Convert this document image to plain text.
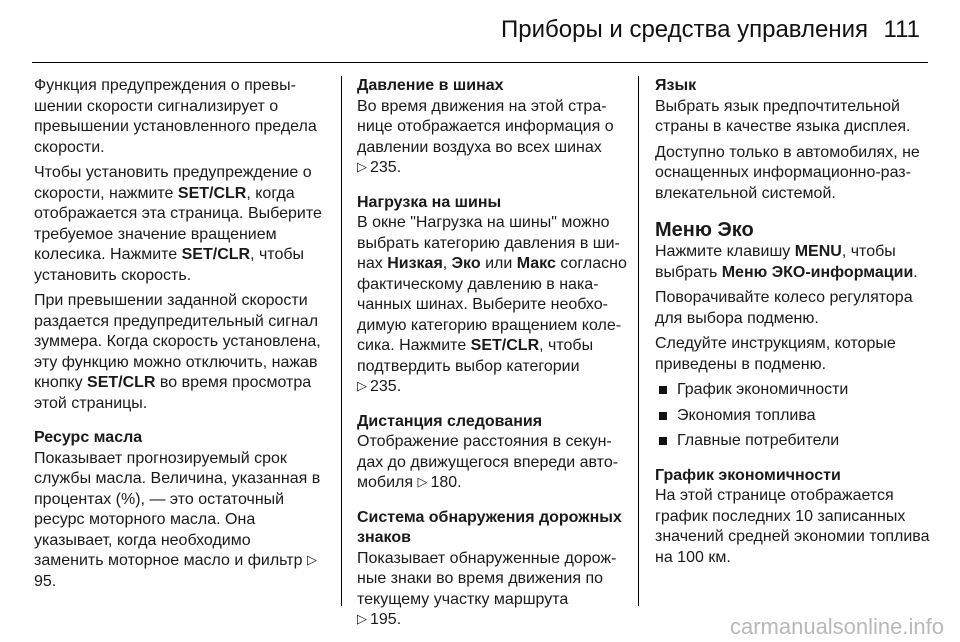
Приборы и средства управления 111

Функция предупреждения о превышении скорости сигнализирует о превышении установленного предела скорости.

Чтобы установить предупреждение о скорости, нажмите SET/CLR, когда отображается эта страница. Выберите требуемое значение вращением колесика. Нажмите SET/CLR, чтобы установить скорость.

При превышении заданной скорости раздается предупредительный сигнал зуммера. Когда скорость установлена, эту функцию можно отключить, нажав кнопку SET/CLR во время просмотра этой страницы.

Ресурс масла

Показывает прогнозируемый срок службы масла. Величина, указанная в процентах (%), — это остаточный ресурс моторного масла. Она указывает, когда необходимо заменить моторное масло и фильтр ▷95.

Давление в шинах

Во время движения на этой странице отображается информация о давлении воздуха во всех шинах
▷ 235.

Нагрузка на шины

В окне "Нагрузка на шины" можно выбрать категорию давления в шинах Низкая, Эко или Макс согласно фактическому давлению в накачанных шинах. Выберите необходимую категорию вращением колесика. Нажмите SET/CLR, чтобы подтвердить выбор категории
▷ 235.

Дистанция следования

Отображение расстояния в секундах до движущегося впереди автомобиля ▷ 180.

Система обнаружения дорожных знаков

Показывает обнаруженные дорожные знаки во время движения по текущему участку маршрута
▷ 195.

Язык

Выбрать язык предпочтительной страны в качестве языка дисплея.

Доступно только в автомобилях, не оснащенных информационно-развлекательной системой.

Меню Эко

Нажмите клавишу MENU, чтобы выбрать Меню ЭКО-информации.

Поворачивайте колесо регулятора для выбора подменю.

Следуйте инструкциям, которые приведены в подменю.

График экономичности
Экономия топлива
Главные потребители
График экономичности

На этой странице отображается график последних 10 записанных значений средней экономии топлива на 100 км.

carmanualsonline.info
